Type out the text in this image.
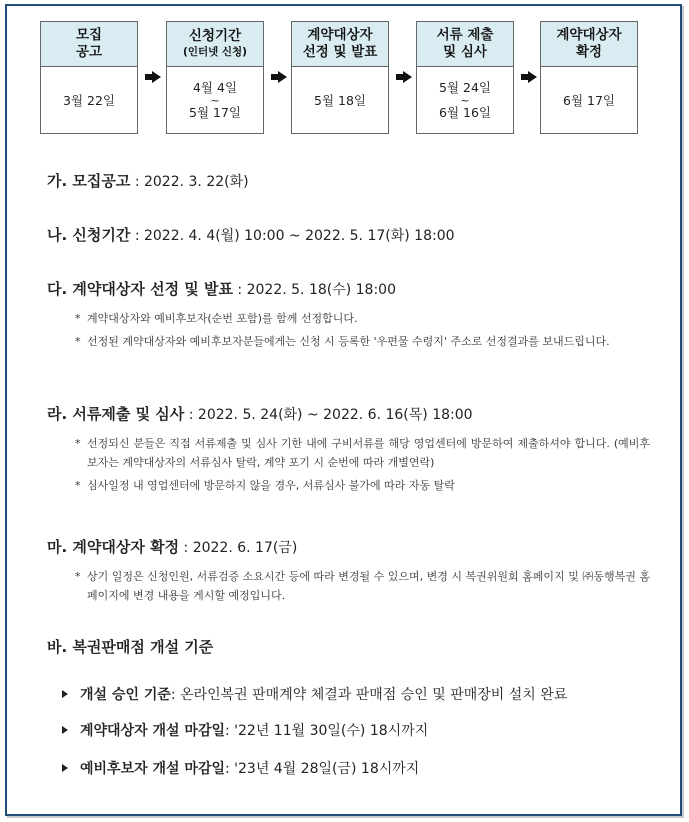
모집
공고
3월 22일
신청기간
(인터넷 신청)
4월 4일
~
5월 17일
계약대상자
선정 및 발표
5월 18일
서류 제출
및 심사
5월 24일
~
6월 16일
계약대상자
확정
6월 17일
가. 모집공고 : 2022. 3. 22(화)
나. 신청기간 : 2022. 4. 4(월) 10:00 ~ 2022. 5. 17(화) 18:00
다. 계약대상자 선정 및 발표 : 2022. 5. 18(수) 18:00
* 계약대상자와 예비후보자(순번 포함)를 함께 선정합니다.
* 선정된 계약대상자와 예비후보자분들에게는 신청 시 등록한 '우편물 수령지' 주소로 선정결과를 보내드립니다.
라. 서류제출 및 심사 : 2022. 5. 24(화) ~ 2022. 6. 16(목) 18:00
* 선정되신 분들은 직접 서류제출 및 심사 기한 내에 구비서류를 해당 영업센터에 방문하여 제출하셔야 합니다. (예비후보자는 계약대상자의 서류심사 탈락, 계약 포기 시 순번에 따라 개별연락)
* 심사일정 내 영업센터에 방문하지 않을 경우, 서류심사 불가에 따라 자동 탈락
마. 계약대상자 확정 : 2022. 6. 17(금)
* 상기 일정은 신청인원, 서류검증 소요시간 등에 따라 변경될 수 있으며, 변경 시 복권위원회 홈페이지 및 ㈜동행복권 홈페이지에 변경 내용을 게시할 예정입니다.
바. 복권판매점 개설 기준
개설 승인 기준 : 온라인복권 판매계약 체결과 판매점 승인 및 판매장비 설치 완료
계약대상자 개설 마감일 : '22년 11월 30일(수) 18시까지
예비후보자 개설 마감일 : '23년 4월 28일(금) 18시까지
